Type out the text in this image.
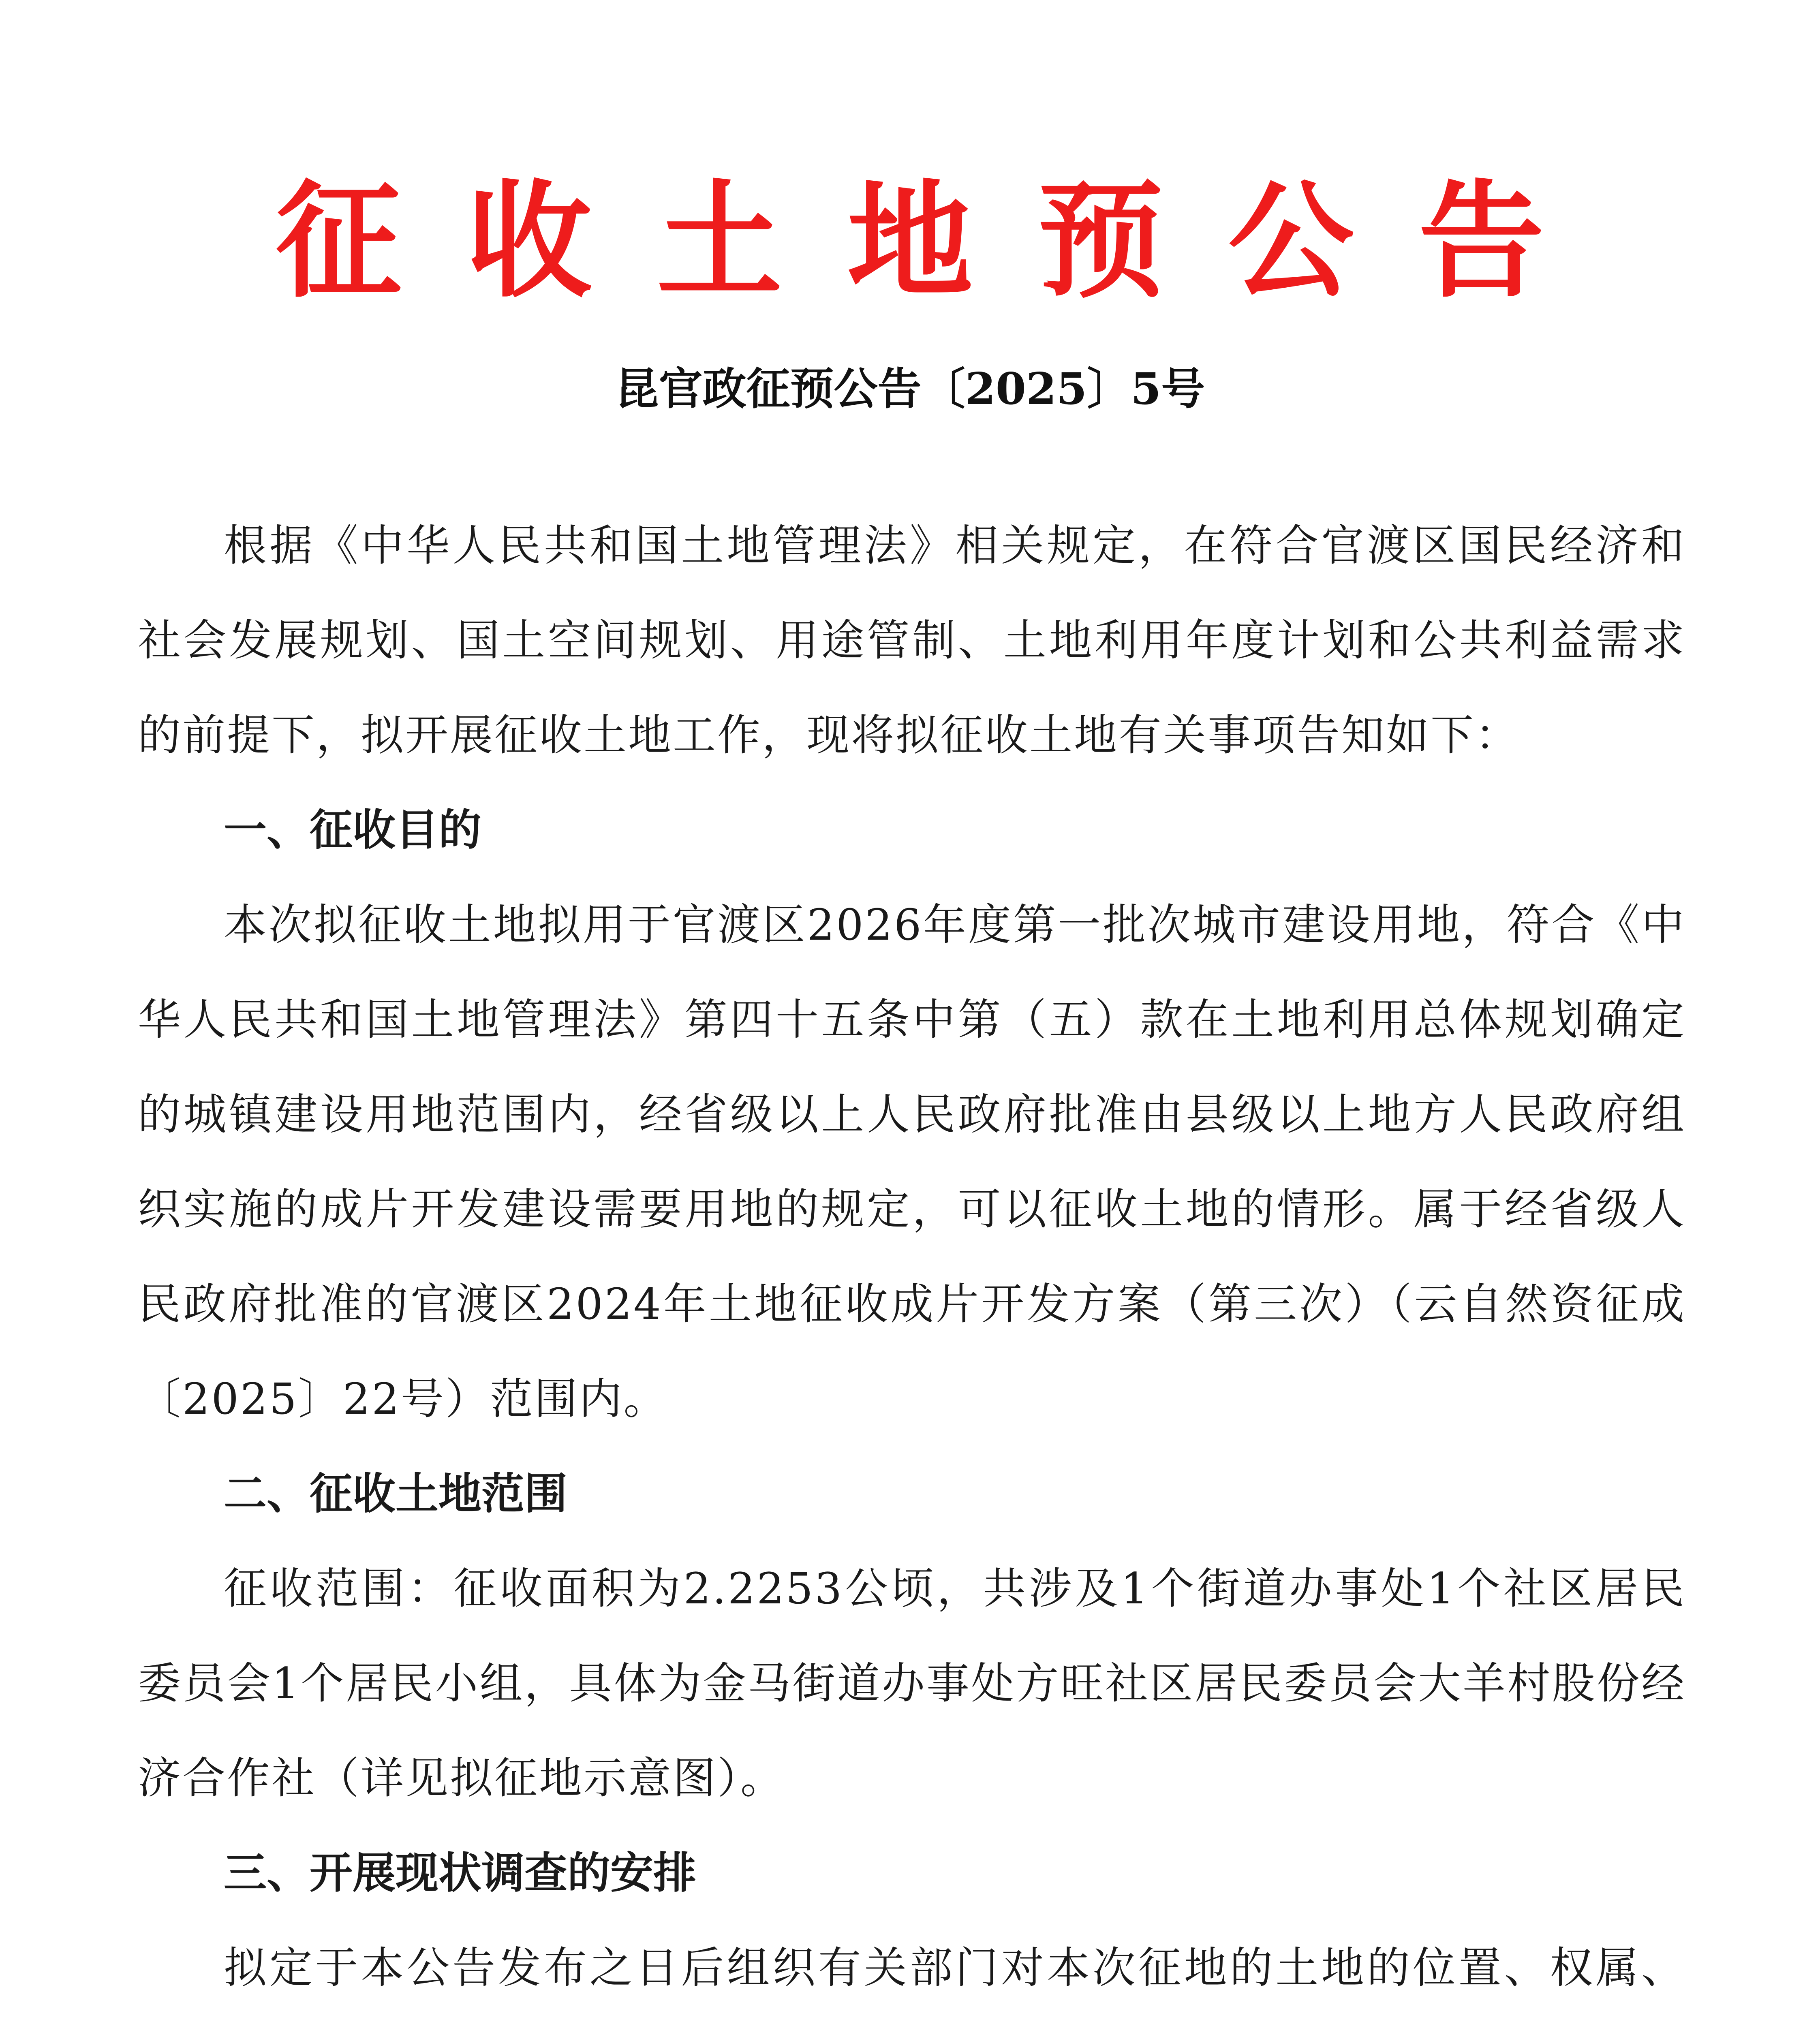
征收土地预公告
昆官政征预公告〔2025〕5号

根据《中华人民共和国土地管理法》相关规定，在符合官渡区国民经济和社会发展规划、国土空间规划、用途管制、土地利用年度计划和公共利益需求的前提下，拟开展征收土地工作，现将拟征收土地有关事项告知如下：

一、征收目的

本次拟征收土地拟用于官渡区2026年度第一批次城市建设用地，符合《中华人民共和国土地管理法》第四十五条中第（五）款在土地利用总体规划确定的城镇建设用地范围内，经省级以上人民政府批准由县级以上地方人民政府组织实施的成片开发建设需要用地的规定，可以征收土地的情形。属于经省级人民政府批准的官渡区2024年土地征收成片开发方案（第三次）（云自然资征成〔2025〕22号）范围内。

二、征收土地范围

征收范围：征收面积为2.2253公顷，共涉及1个街道办事处1个社区居民委员会1个居民小组，具体为金马街道办事处方旺社区居民委员会大羊村股份经济合作社（详见拟征地示意图）。

三、开展现状调查的安排

拟定于本公告发布之日后组织有关部门对本次征地的土地的位置、权属、
